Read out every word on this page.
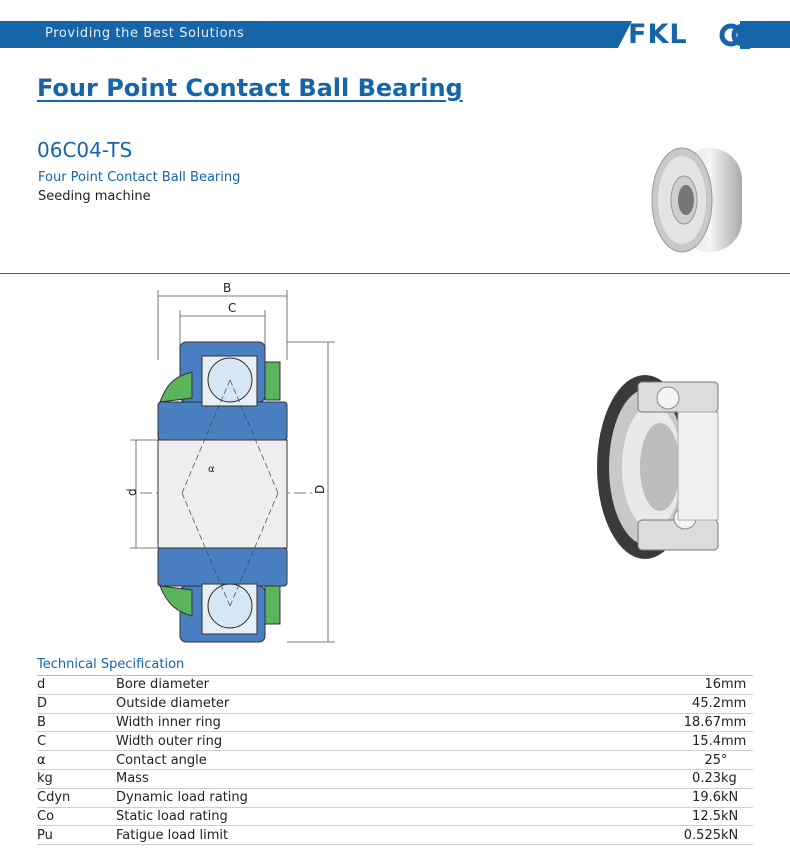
Providing the Best Solutions	FKL
Four Point Contact Ball Bearing
06C04-TS
Four Point Contact Ball Bearing
Seeding machine
B
C
d	D
α
Technical Specification
d	Bore diameter	16	mm
D	Outside diameter	45.2	mm
B	Width inner ring	18.67	mm
C	Width outer ring	15.4	mm
α	Contact angle	25	°
kg	Mass	0.23	kg
Cdyn	Dynamic load rating	19.6	kN
Co	Static load rating	12.5	kN
Pu	Fatigue load limit	0.525	kN
